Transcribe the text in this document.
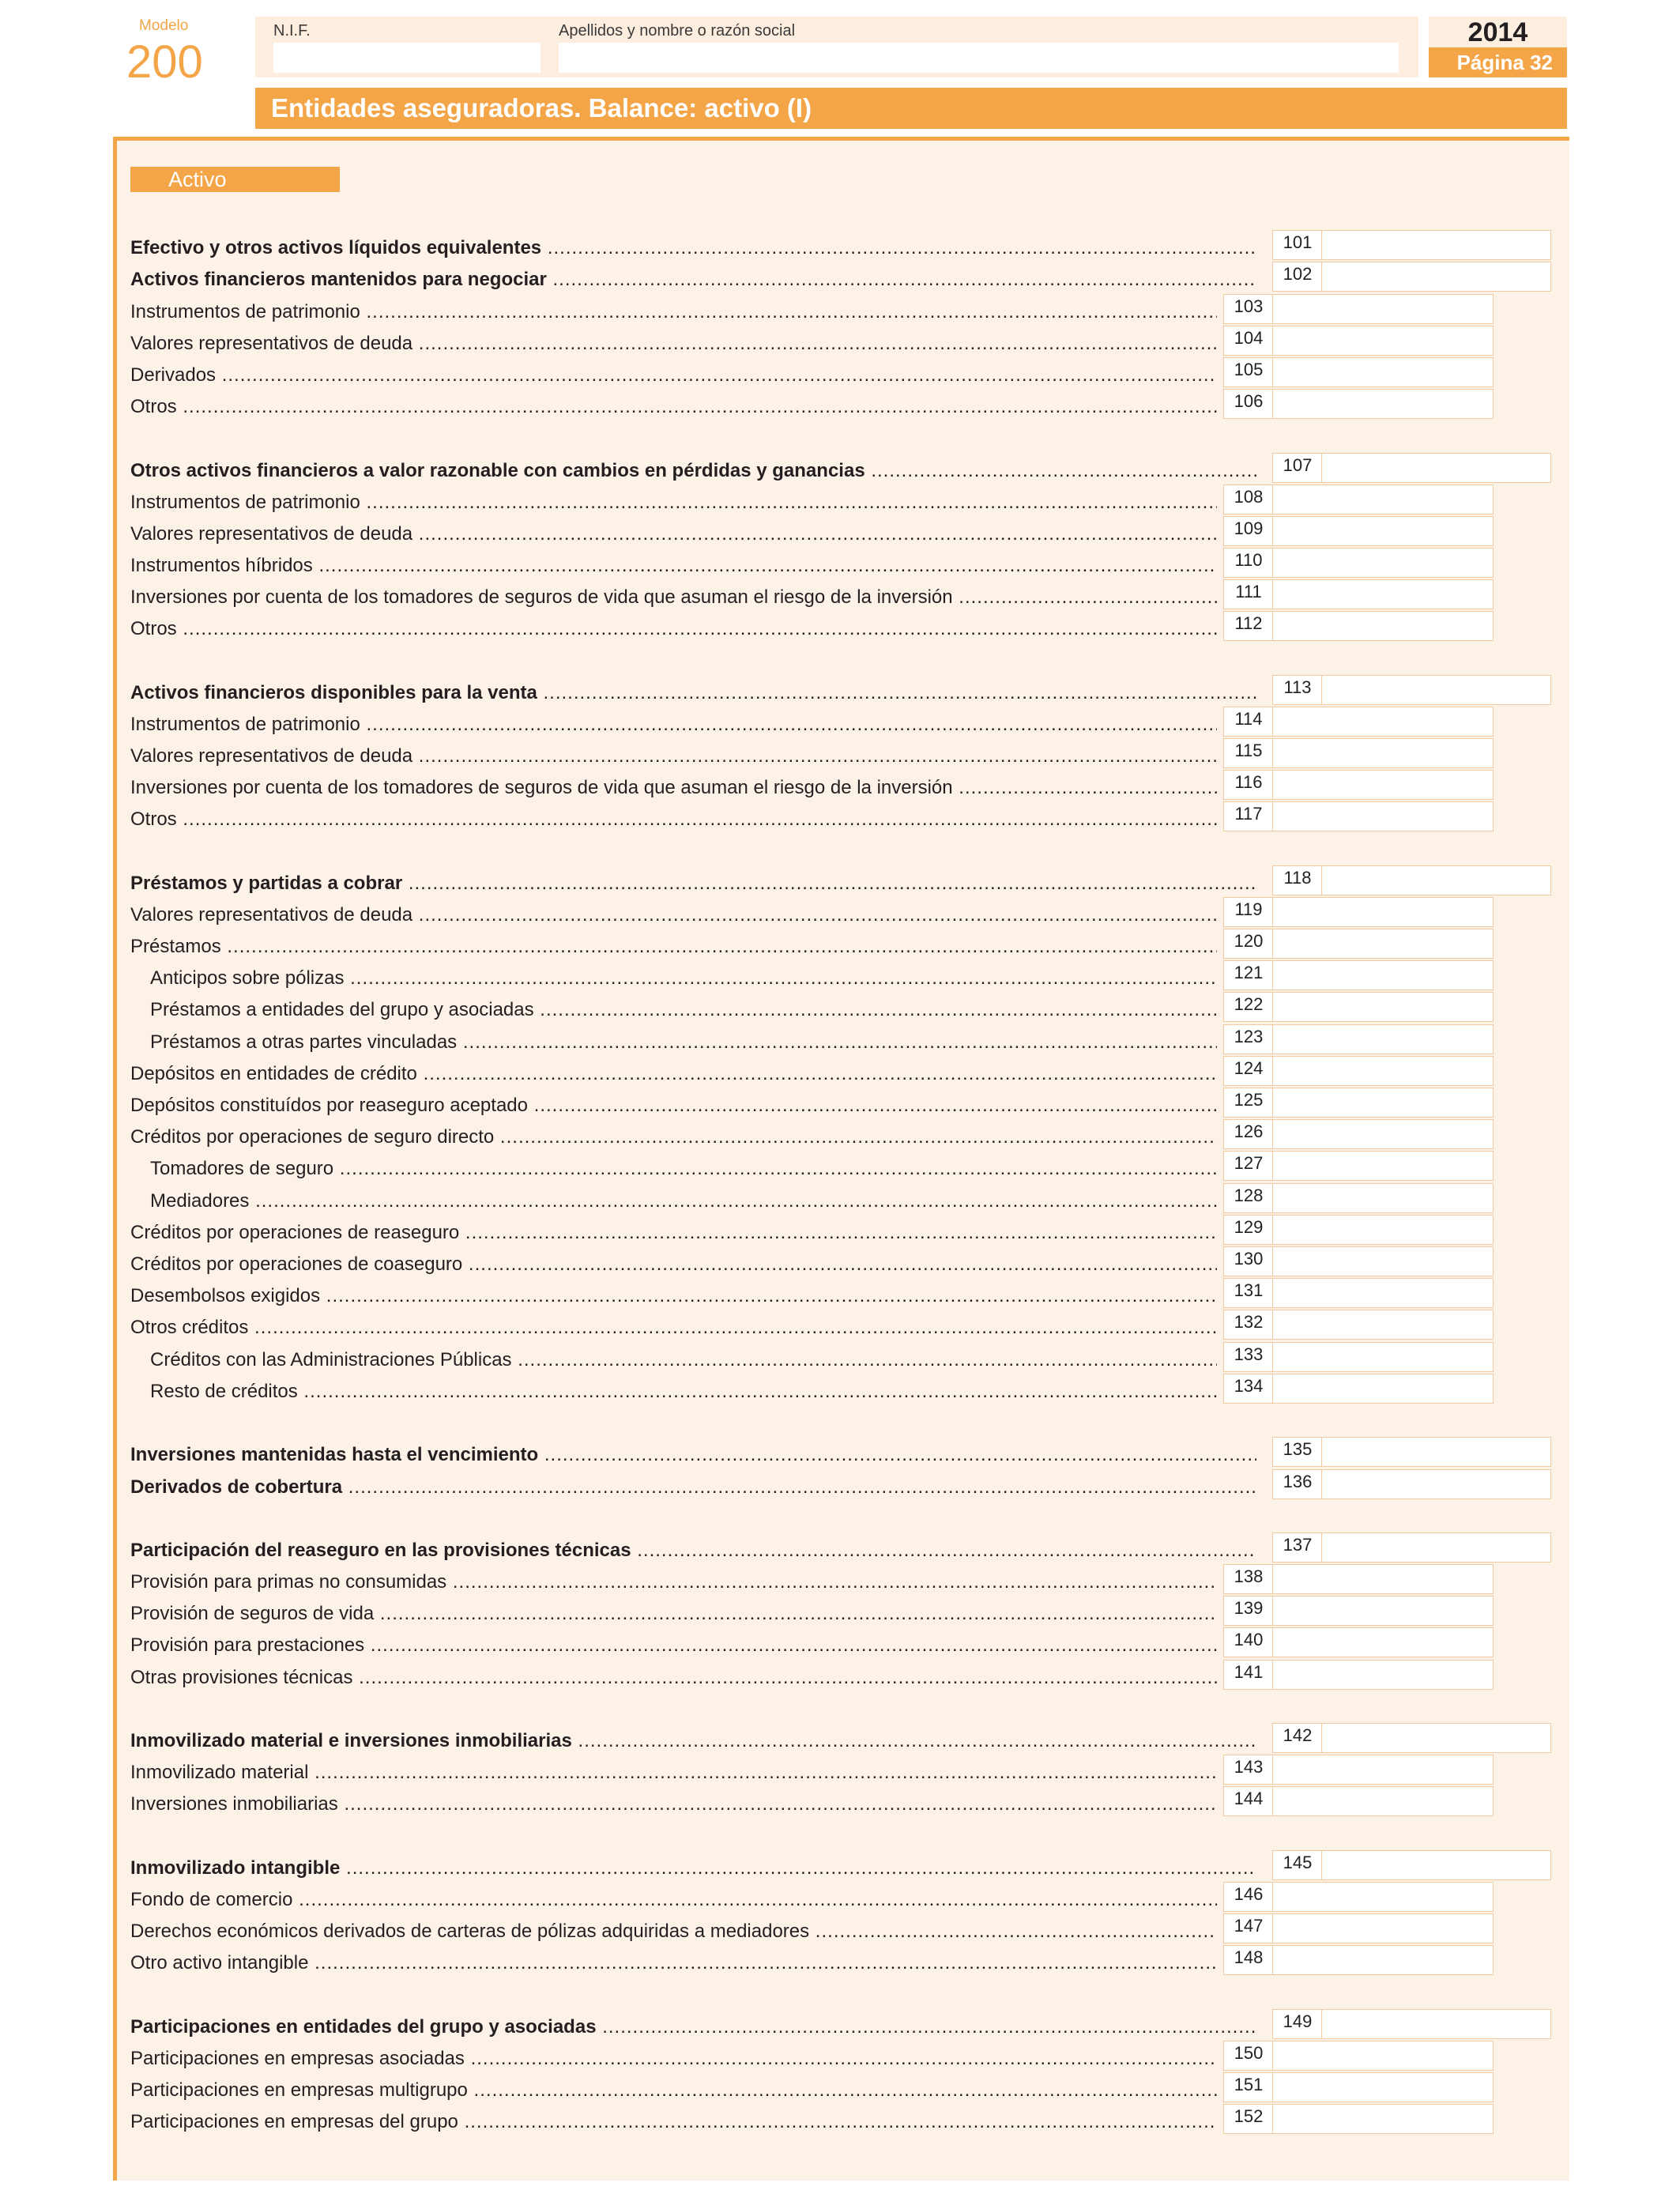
Modelo
200
N.I.F.	Apellidos y nombre o razón social	2014
Página 32
Entidades aseguradoras. Balance: activo (I)
Activo
Efectivo y otros activos líquidos equivalentes .....	101
Activos financieros mantenidos para negociar .....	102
Instrumentos de patrimonio .....	103
Valores representativos de deuda .....	104
Derivados .....	105
Otros .....	106
Otros activos financieros a valor razonable con cambios en pérdidas y ganancias .....	107
Instrumentos de patrimonio .....	108
Valores representativos de deuda .....	109
Instrumentos híbridos .....	110
Inversiones por cuenta de los tomadores de seguros de vida que asuman el riesgo de la inversión .....	111
Otros .....	112
Activos financieros disponibles para la venta .....	113
Instrumentos de patrimonio .....	114
Valores representativos de deuda .....	115
Inversiones por cuenta de los tomadores de seguros de vida que asuman el riesgo de la inversión .....	116
Otros .....	117
Préstamos y partidas a cobrar .....	118
Valores representativos de deuda .....	119
Préstamos .....	120
Anticipos sobre pólizas .....	121
Préstamos a entidades del grupo y asociadas .....	122
Préstamos a otras partes vinculadas .....	123
Depósitos en entidades de crédito .....	124
Depósitos constituídos por reaseguro aceptado .....	125
Créditos por operaciones de seguro directo .....	126
Tomadores de seguro .....	127
Mediadores .....	128
Créditos por operaciones de reaseguro .....	129
Créditos por operaciones de coaseguro .....	130
Desembolsos exigidos .....	131
Otros créditos .....	132
Créditos con las Administraciones Públicas .....	133
Resto de créditos .....	134
Inversiones mantenidas hasta el vencimiento .....	135
Derivados de cobertura .....	136
Participación del reaseguro en las provisiones técnicas .....	137
Provisión para primas no consumidas .....	138
Provisión de seguros de vida .....	139
Provisión para prestaciones .....	140
Otras provisiones técnicas .....	141
Inmovilizado material e inversiones inmobiliarias .....	142
Inmovilizado material .....	143
Inversiones inmobiliarias .....	144
Inmovilizado intangible .....	145
Fondo de comercio .....	146
Derechos económicos derivados de carteras de pólizas adquiridas a mediadores .....	147
Otro activo intangible .....	148
Participaciones en entidades del grupo y asociadas .....	149
Participaciones en empresas asociadas .....	150
Participaciones en empresas multigrupo .....	151
Participaciones en empresas del grupo .....	152
